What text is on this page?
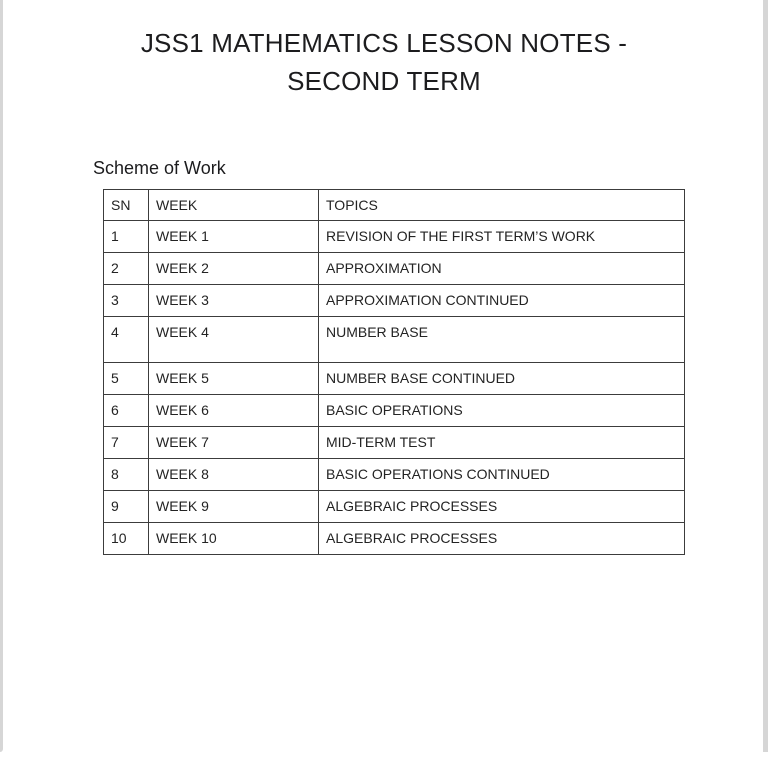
JSS1 MATHEMATICS LESSON NOTES -
SECOND TERM
Scheme of Work
SN	WEEK	TOPICS
1	WEEK 1	REVISION OF THE FIRST TERM’S WORK
2	WEEK 2	APPROXIMATION
3	WEEK 3	APPROXIMATION CONTINUED
4	WEEK 4	NUMBER BASE
5	WEEK 5	NUMBER BASE CONTINUED
6	WEEK 6	BASIC OPERATIONS
7	WEEK 7	MID-TERM TEST
8	WEEK 8	BASIC OPERATIONS CONTINUED
9	WEEK 9	ALGEBRAIC PROCESSES
10	WEEK 10	ALGEBRAIC PROCESSES
